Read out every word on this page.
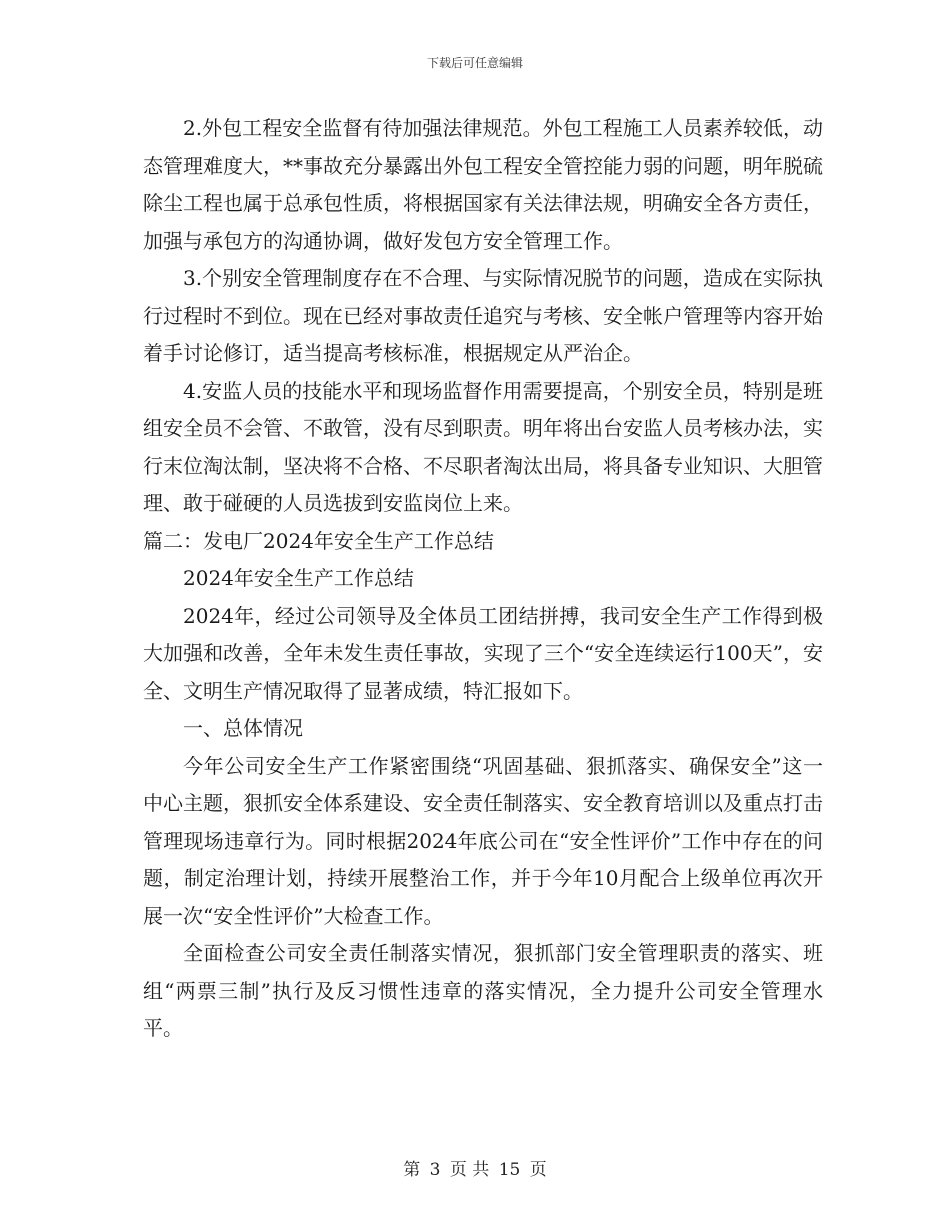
下载后可任意编辑

2.外包工程安全监督有待加强法律规范。外包工程施工人员素养较低，动态管理难度大，**事故充分暴露出外包工程安全管控能力弱的问题，明年脱硫除尘工程也属于总承包性质，将根据国家有关法律法规，明确安全各方责任，加强与承包方的沟通协调，做好发包方安全管理工作。

3.个别安全管理制度存在不合理、与实际情况脱节的问题，造成在实际执行过程时不到位。现在已经对事故责任追究与考核、安全帐户管理等内容开始着手讨论修订，适当提高考核标准，根据规定从严治企。

4.安监人员的技能水平和现场监督作用需要提高，个别安全员，特别是班组安全员不会管、不敢管，没有尽到职责。明年将出台安监人员考核办法，实行末位淘汰制，坚决将不合格、不尽职者淘汰出局，将具备专业知识、大胆管理、敢于碰硬的人员选拔到安监岗位上来。

篇二：发电厂2024年安全生产工作总结

2024年安全生产工作总结

2024年，经过公司领导及全体员工团结拼搏，我司安全生产工作得到极大加强和改善，全年未发生责任事故，实现了三个“安全连续运行100天”，安全、文明生产情况取得了显著成绩，特汇报如下。

一、总体情况

今年公司安全生产工作紧密围绕“巩固基础、狠抓落实、确保安全”这一中心主题，狠抓安全体系建设、安全责任制落实、安全教育培训以及重点打击管理现场违章行为。同时根据2024年底公司在“安全性评价”工作中存在的问题，制定治理计划，持续开展整治工作，并于今年10月配合上级单位再次开展一次“安全性评价”大检查工作。

全面检查公司安全责任制落实情况，狠抓部门安全管理职责的落实、班组“两票三制”执行及反习惯性违章的落实情况，全力提升公司安全管理水平。

第 3 页 共 15 页
